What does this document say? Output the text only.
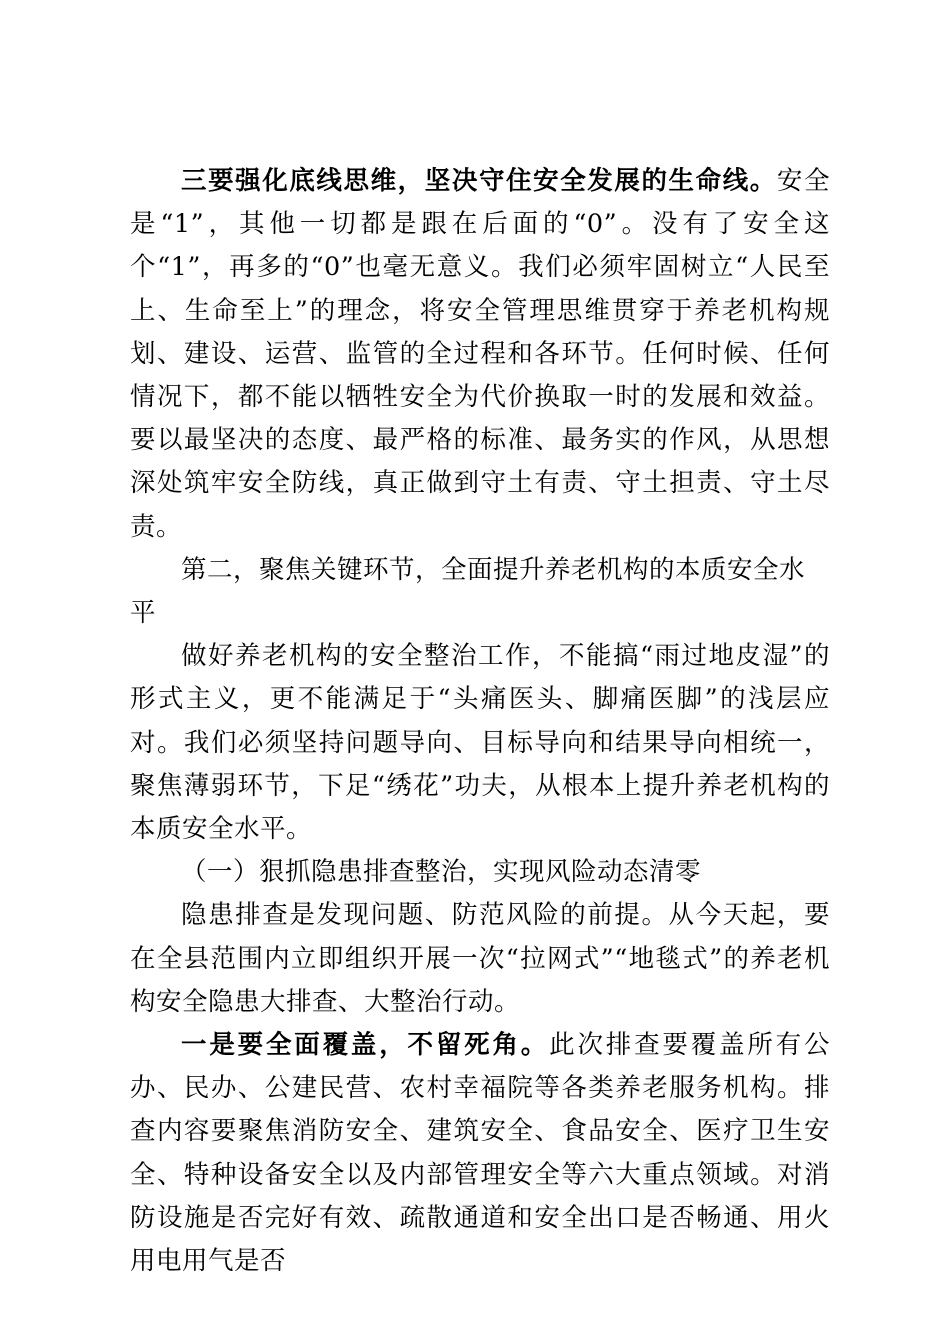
三要强化底线思维，坚决守住安全发展的生命线。安全是“1”，其他一切都是跟在后面的“0”。没有了安全这个“1”，再多的“0”也毫无意义。我们必须牢固树立“人民至上、生命至上”的理念，将安全管理思维贯穿于养老机构规划、建设、运营、监管的全过程和各环节。任何时候、任何情况下，都不能以牺牲安全为代价换取一时的发展和效益。要以最坚决的态度、最严格的标准、最务实的作风，从思想深处筑牢安全防线，真正做到守土有责、守土担责、守土尽责。

第二，聚焦关键环节，全面提升养老机构的本质安全水平

做好养老机构的安全整治工作，不能搞“雨过地皮湿”的形式主义，更不能满足于“头痛医头、脚痛医脚”的浅层应对。我们必须坚持问题导向、目标导向和结果导向相统一，聚焦薄弱环节，下足“绣花”功夫，从根本上提升养老机构的本质安全水平。

（一）狠抓隐患排查整治，实现风险动态清零

隐患排查是发现问题、防范风险的前提。从今天起，要在全县范围内立即组织开展一次“拉网式”“地毯式”的养老机构安全隐患大排查、大整治行动。

一是要全面覆盖，不留死角。此次排查要覆盖所有公办、民办、公建民营、农村幸福院等各类养老服务机构。排查内容要聚焦消防安全、建筑安全、食品安全、医疗卫生安全、特种设备安全以及内部管理安全等六大重点领域。对消防设施是否完好有效、疏散通道和安全出口是否畅通、用火用电用气是否
